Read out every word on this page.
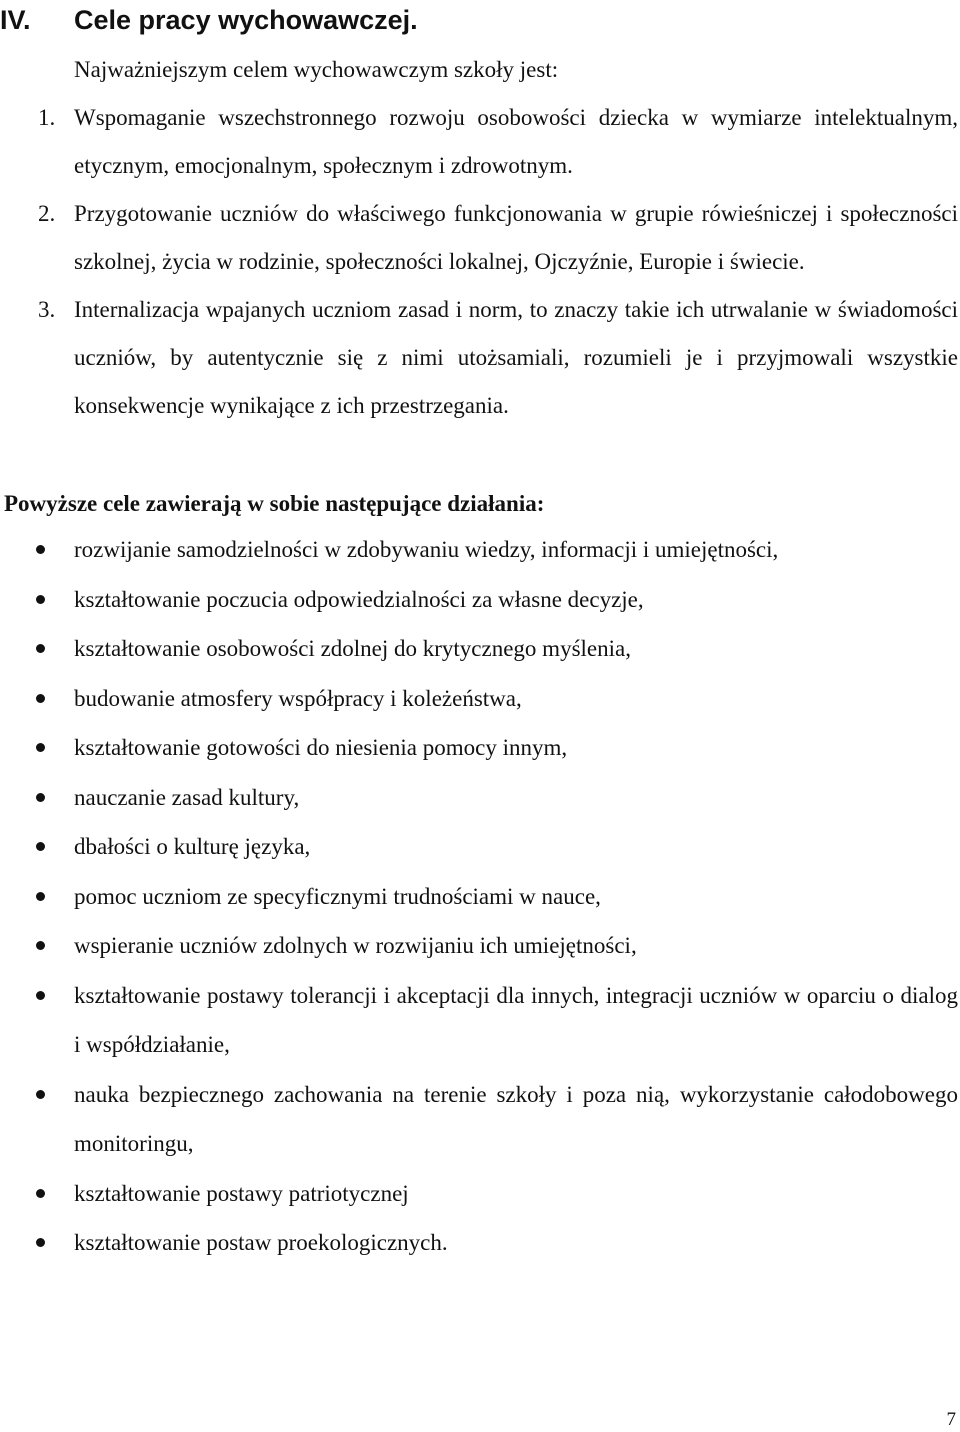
IV.	Cele pracy wychowawczej.
Najważniejszym celem wychowawczym szkoły jest:
1. Wspomaganie wszechstronnego rozwoju osobowości dziecka w wymiarze intelektualnym, etycznym, emocjonalnym, społecznym i zdrowotnym.
2. Przygotowanie uczniów do właściwego funkcjonowania w grupie rówieśniczej i społeczności szkolnej, życia w rodzinie, społeczności lokalnej, Ojczyźnie, Europie i świecie.
3. Internalizacja wpajanych uczniom zasad i norm, to znaczy takie ich utrwalanie w świadomości uczniów, by autentycznie się z nimi utożsamiali, rozumieli je i przyjmowali wszystkie konsekwencje wynikające z ich przestrzegania.
Powyższe cele zawierają w sobie następujące działania:
rozwijanie samodzielności w zdobywaniu wiedzy, informacji i umiejętności,
kształtowanie poczucia odpowiedzialności za własne decyzje,
kształtowanie osobowości zdolnej do krytycznego myślenia,
budowanie atmosfery współpracy i koleżeństwa,
kształtowanie gotowości do niesienia pomocy innym,
nauczanie zasad kultury,
dbałości o kulturę języka,
pomoc uczniom ze specyficznymi trudnościami w nauce,
wspieranie uczniów zdolnych w rozwijaniu ich umiejętności,
kształtowanie postawy tolerancji i akceptacji dla innych, integracji uczniów w oparciu o dialog i współdziałanie,
nauka bezpiecznego zachowania na terenie szkoły i poza nią, wykorzystanie całodobowego monitoringu,
kształtowanie postawy patriotycznej
kształtowanie postaw proekologicznych.
7
